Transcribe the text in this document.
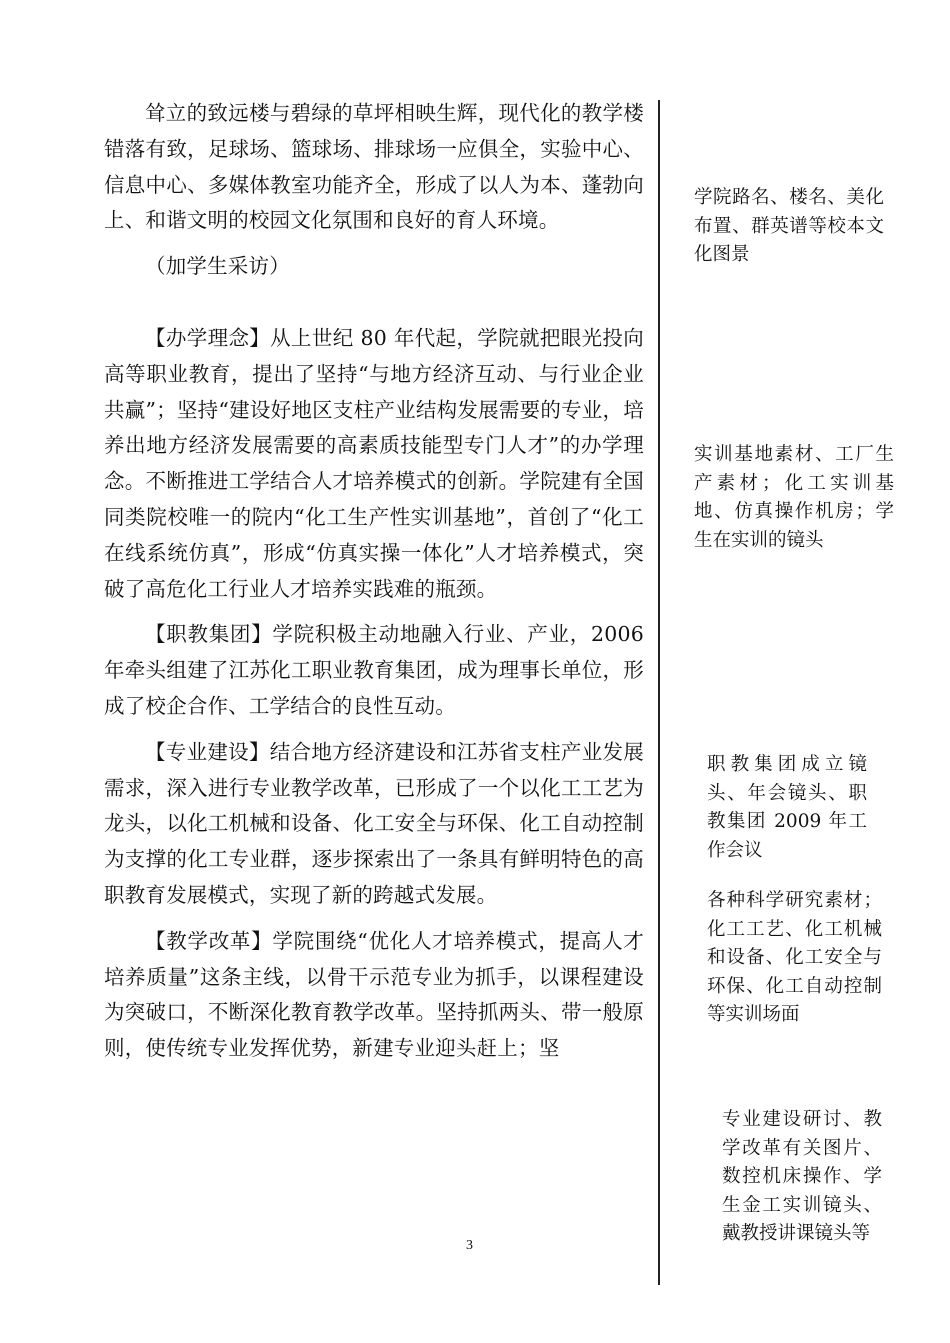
耸立的致远楼与碧绿的草坪相映生辉，现代化的教学楼错落有致，足球场、篮球场、排球场一应俱全，实验中心、信息中心、多媒体教室功能齐全，形成了以人为本、蓬勃向上、和谐文明的校园文化氛围和良好的育人环境。

（加学生采访）

【办学理念】从上世纪 80 年代起，学院就把眼光投向高等职业教育，提出了坚持“与地方经济互动、与行业企业共赢”；坚持“建设好地区支柱产业结构发展需要的专业，培养出地方经济发展需要的高素质技能型专门人才”的办学理念。不断推进工学结合人才培养模式的创新。学院建有全国同类院校唯一的院内“化工生产性实训基地”，首创了“化工在线系统仿真”，形成“仿真实操一体化”人才培养模式，突破了高危化工行业人才培养实践难的瓶颈。

【职教集团】学院积极主动地融入行业、产业，2006 年牵头组建了江苏化工职业教育集团，成为理事长单位，形成了校企合作、工学结合的良性互动。

【专业建设】结合地方经济建设和江苏省支柱产业发展需求，深入进行专业教学改革，已形成了一个以化工工艺为龙头，以化工机械和设备、化工安全与环保、化工自动控制为支撑的化工专业群，逐步探索出了一条具有鲜明特色的高职教育发展模式，实现了新的跨越式发展。

【教学改革】学院围绕“优化人才培养模式，提高人才培养质量”这条主线，以骨干示范专业为抓手，以课程建设为突破口，不断深化教育教学改革。坚持抓两头、带一般原则，使传统专业发挥优势，新建专业迎头赶上；坚

学院路名、楼名、美化布置、群英谱等校本文化图景

实训基地素材、工厂生产素材；化工实训基地、仿真操作机房；学生在实训的镜头

职教集团成立镜头、年会镜头、职教集团 2009 年工作会议

各种科学研究素材；化工工艺、化工机械和设备、化工安全与环保、化工自动控制等实训场面

专业建设研讨、教学改革有关图片、数控机床操作、学生金工实训镜头、戴教授讲课镜头等

3
